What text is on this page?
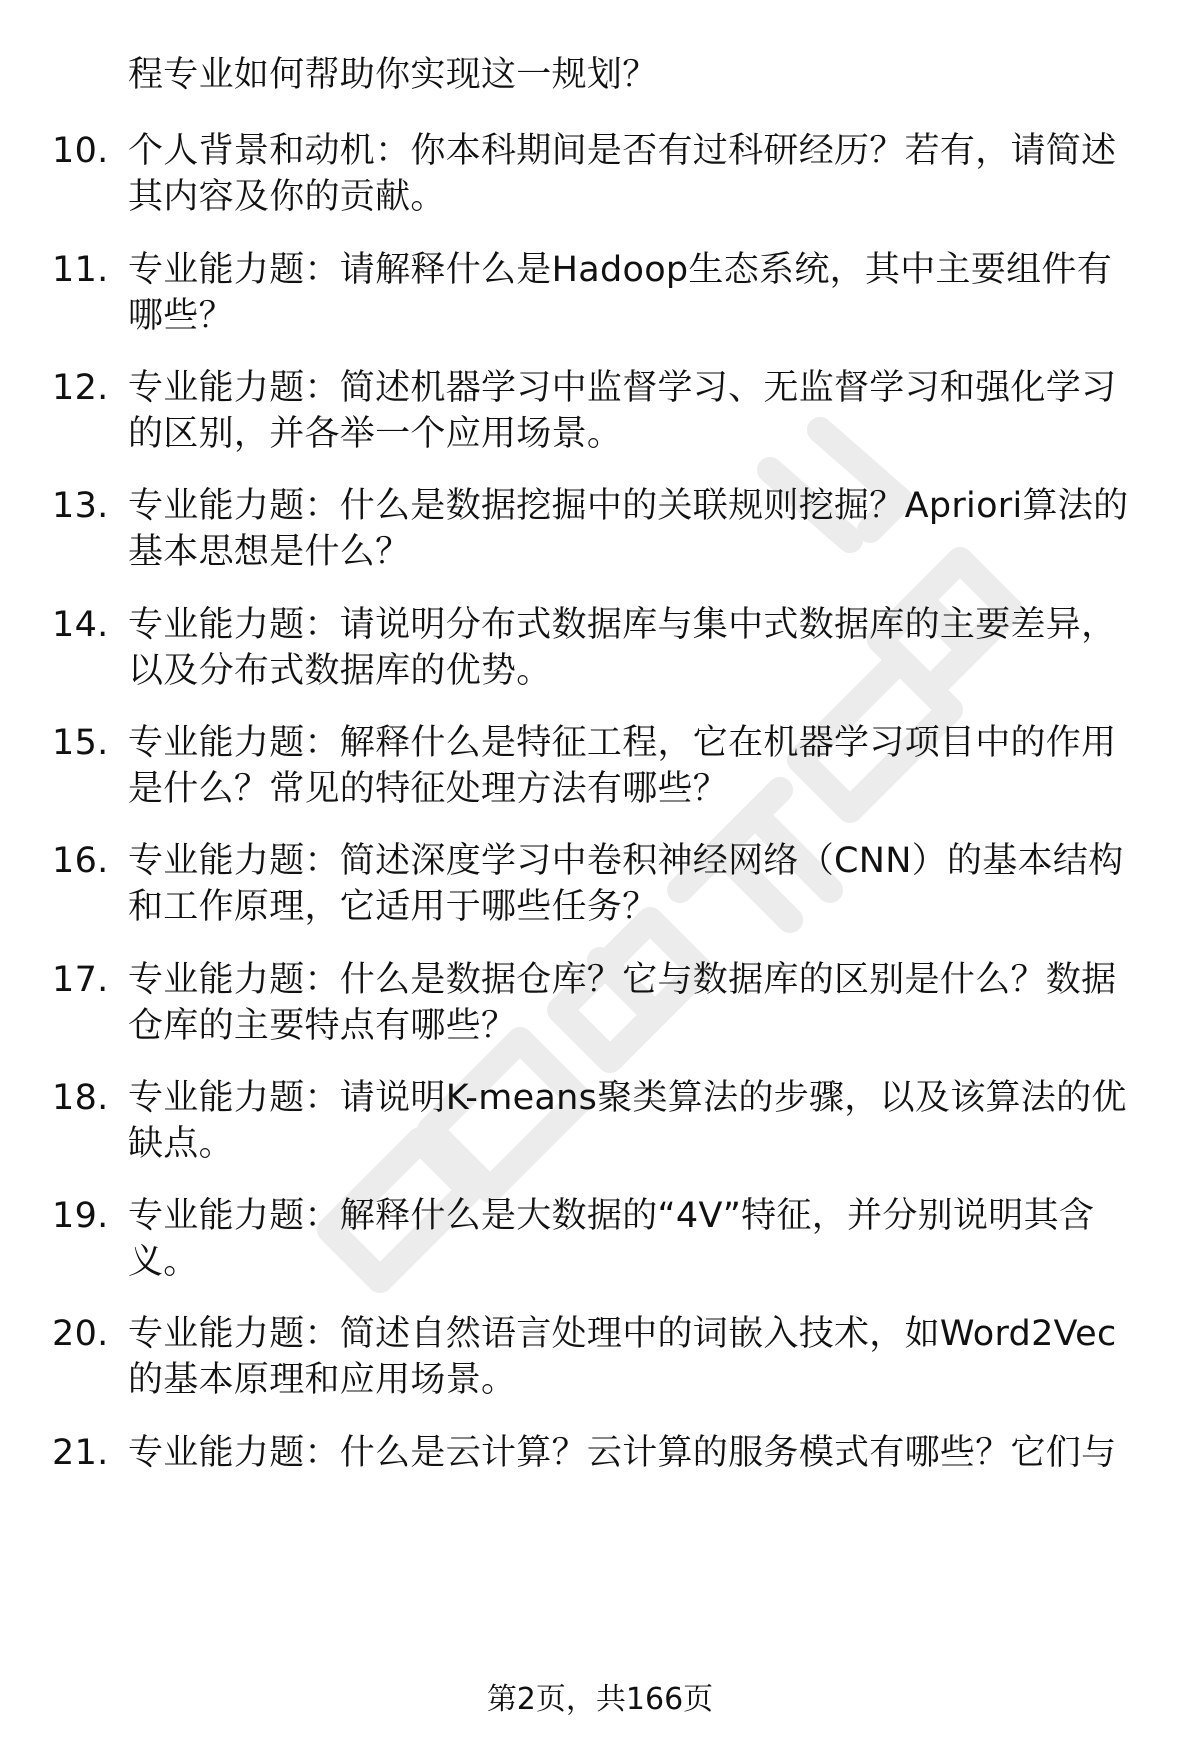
程专业如何帮助你实现这一规划？
10. 个人背景和动机：你本科期间是否有过科研经历？若有，请简述
其内容及你的贡献。
11. 专业能力题：请解释什么是Hadoop生态系统，其中主要组件有
哪些？
12. 专业能力题：简述机器学习中监督学习、无监督学习和强化学习
的区别，并各举一个应用场景。
13. 专业能力题：什么是数据挖掘中的关联规则挖掘？Apriori算法的
基本思想是什么？
14. 专业能力题：请说明分布式数据库与集中式数据库的主要差异，
以及分布式数据库的优势。
15. 专业能力题：解释什么是特征工程，它在机器学习项目中的作用
是什么？常见的特征处理方法有哪些？
16. 专业能力题：简述深度学习中卷积神经网络（CNN）的基本结构
和工作原理，它适用于哪些任务？
17. 专业能力题：什么是数据仓库？它与数据库的区别是什么？数据
仓库的主要特点有哪些？
18. 专业能力题：请说明K-means聚类算法的步骤，以及该算法的优
缺点。
19. 专业能力题：解释什么是大数据的“4V”特征，并分别说明其含
义。
20. 专业能力题：简述自然语言处理中的词嵌入技术，如Word2Vec
的基本原理和应用场景。
21. 专业能力题：什么是云计算？云计算的服务模式有哪些？它们与
第2页，共166页
